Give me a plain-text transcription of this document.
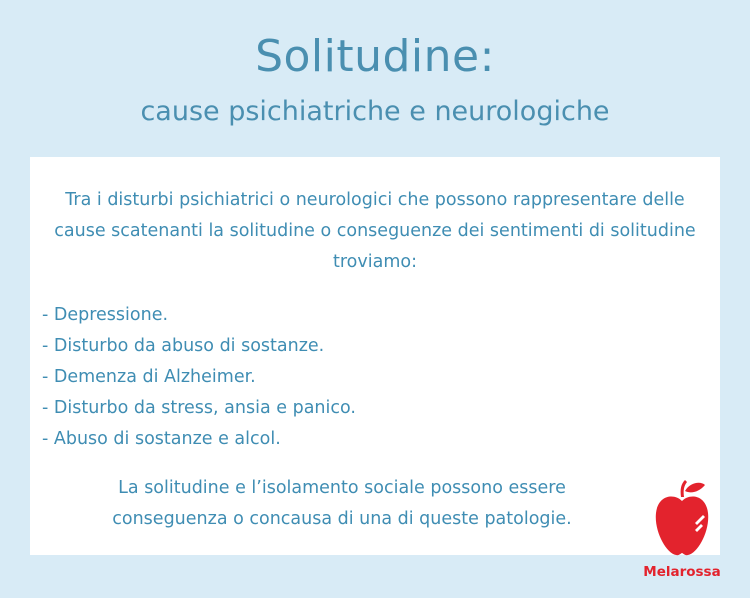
Solitudine:
cause psichiatriche e neurologiche
Tra i disturbi psichiatrici o neurologici che possono rappresentare delle
cause scatenanti la solitudine o conseguenze dei sentimenti di solitudine
troviamo:
- Depressione.
- Disturbo da abuso di sostanze.
- Demenza di Alzheimer.
- Disturbo da stress, ansia e panico.
- Abuso di sostanze e alcol.
La solitudine e l’isolamento sociale possono essere
conseguenza o concausa di una di queste patologie.
Melarossa
